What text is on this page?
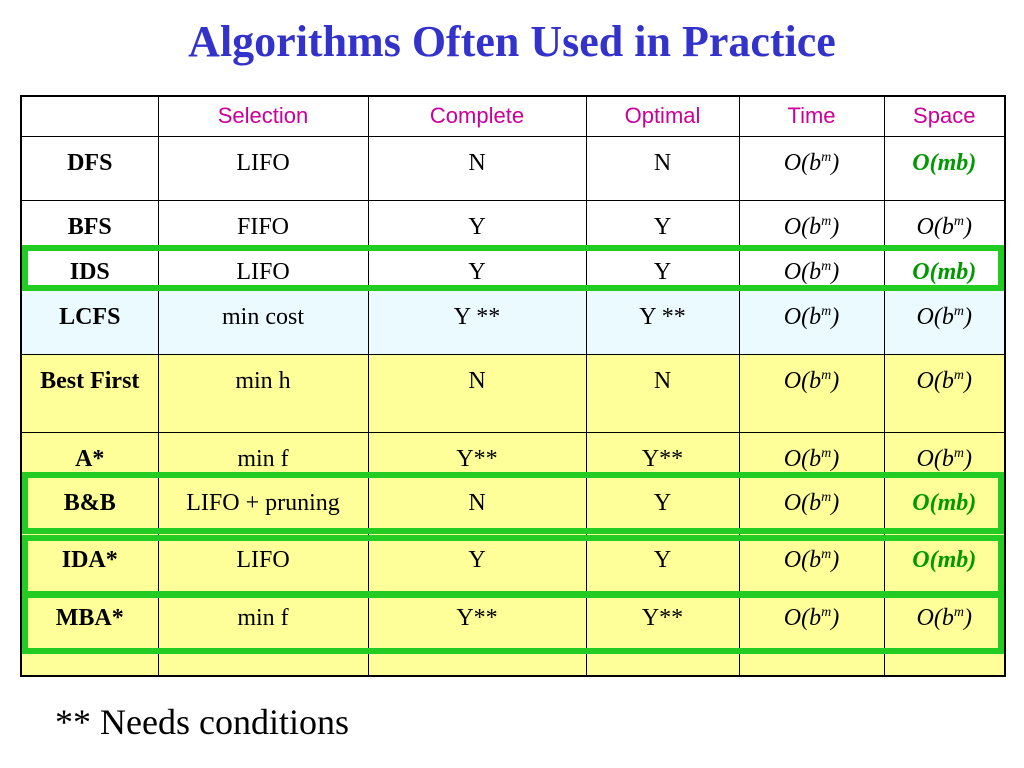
Algorithms Often Used in Practice
	Selection	Complete	Optimal	Time	Space
DFS	LIFO	N	N	$O(b^m)$	O(mb)
BFS	FIFO	Y	Y	$O(b^m)$	$O(b^m)$
IDS	LIFO	Y	Y	$O(b^m)$	O(mb)
LCFS	min cost	Y **	Y **	$O(b^m)$	$O(b^m)$
Best First	min h	N	N	$O(b^m)$	$O(b^m)$
A*	min f	Y**	Y**	$O(b^m)$	$O(b^m)$
B&B	LIFO + pruning	N	Y	$O(b^m)$	O(mb)
IDA*	LIFO	Y	Y	$O(b^m)$	O(mb)
MBA*	min f	Y**	Y**	$O(b^m)$	$O(b^m)$

** Needs conditions
